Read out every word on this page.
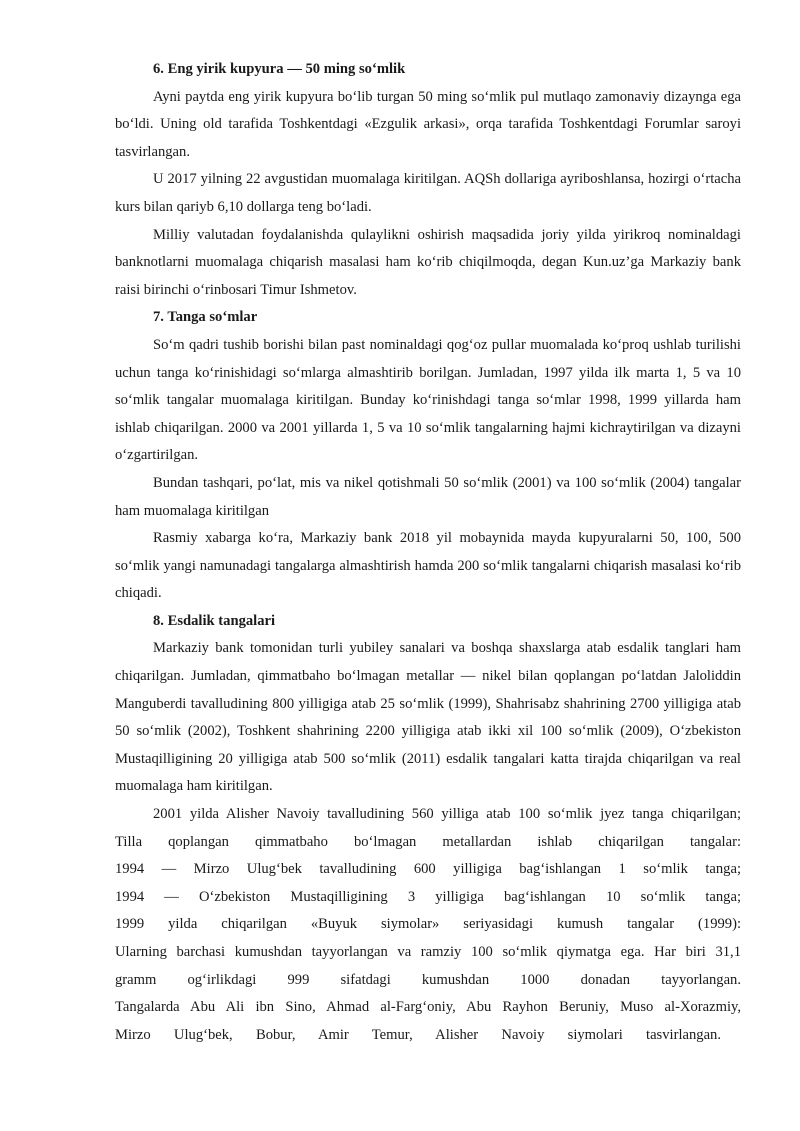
6. Eng yirik kupyura — 50 ming so‘mlik

Ayni paytda eng yirik kupyura bo‘lib turgan 50 ming so‘mlik pul mutlaqo zamonaviy dizaynga ega bo‘ldi. Uning old tarafida Toshkentdagi «Ezgulik arkasi», orqa tarafida Toshkentdagi Forumlar saroyi tasvirlangan.

U 2017 yilning 22 avgustidan muomalaga kiritilgan. AQSh dollariga ayriboshlansa, hozirgi o‘rtacha kurs bilan qariyb 6,10 dollarga teng bo‘ladi.

Milliy valutadan foydalanishda qulaylikni oshirish maqsadida joriy yilda yirikroq nominaldagi banknotlarni muomalaga chiqarish masalasi ham ko‘rib chiqilmoqda, degan Kun.uz’ga Markaziy bank raisi birinchi o‘rinbosari Timur Ishmetov.

7. Tanga so‘mlar

So‘m qadri tushib borishi bilan past nominaldagi qog‘oz pullar muomalada ko‘proq ushlab turilishi uchun tanga ko‘rinishidagi so‘mlarga almashtirib borilgan. Jumladan, 1997 yilda ilk marta 1, 5 va 10 so‘mlik tangalar muomalaga kiritilgan. Bunday ko‘rinishdagi tanga so‘mlar 1998, 1999 yillarda ham ishlab chiqarilgan. 2000 va 2001 yillarda 1, 5 va 10 so‘mlik tangalarning hajmi kichraytirilgan va dizayni o‘zgartirilgan.

Bundan tashqari, po‘lat, mis va nikel qotishmali 50 so‘mlik (2001) va 100 so‘mlik (2004) tangalar ham muomalaga kiritilgan

Rasmiy xabarga ko‘ra, Markaziy bank 2018 yil mobaynida mayda kupyuralarni 50, 100, 500 so‘mlik yangi namunadagi tangalarga almashtirish hamda 200 so‘mlik tangalarni chiqarish masalasi ko‘rib chiqadi.

8. Esdalik tangalari

Markaziy bank tomonidan turli yubiley sanalari va boshqa shaxslarga atab esdalik tanglari ham chiqarilgan. Jumladan, qimmatbaho bo‘lmagan metallar — nikel bilan qoplangan po‘latdan Jaloliddin Manguberdi tavalludining 800 yilligiga atab 25 so‘mlik (1999), Shahrisabz shahrining 2700 yilligiga atab 50 so‘mlik (2002), Toshkent shahrining 2200 yilligiga atab ikki xil 100 so‘mlik (2009), O‘zbekiston Mustaqilligining 20 yilligiga atab 500 so‘mlik (2011) esdalik tangalari katta tirajda chiqarilgan va real muomalaga ham kiritilgan.

2001 yilda Alisher Navoiy tavalludining 560 yilliga atab 100 so‘mlik jyez tanga chiqarilgan;
Tilla qoplangan qimmatbaho bo‘lmagan metallardan ishlab chiqarilgan tangalar:
1994 — Mirzo Ulug‘bek tavalludining 600 yilligiga bag‘ishlangan 1 so‘mlik tanga;
1994 — O‘zbekiston Mustaqilligining 3 yilligiga bag‘ishlangan 10 so‘mlik tanga;
1999 yilda chiqarilgan «Buyuk siymolar» seriyasidagi kumush tangalar (1999):
Ularning barchasi kumushdan tayyorlangan va ramziy 100 so‘mlik qiymatga ega. Har biri 31,1
gramm og‘irlikdagi 999 sifatdagi kumushdan 1000 donadan tayyorlangan.
Tangalarda Abu Ali ibn Sino, Ahmad al-Farg‘oniy, Abu Rayhon Beruniy, Muso al-Xorazmiy,
Mirzo Ulug‘bek, Bobur, Amir Temur, Alisher Navoiy siymolari tasvirlangan.
